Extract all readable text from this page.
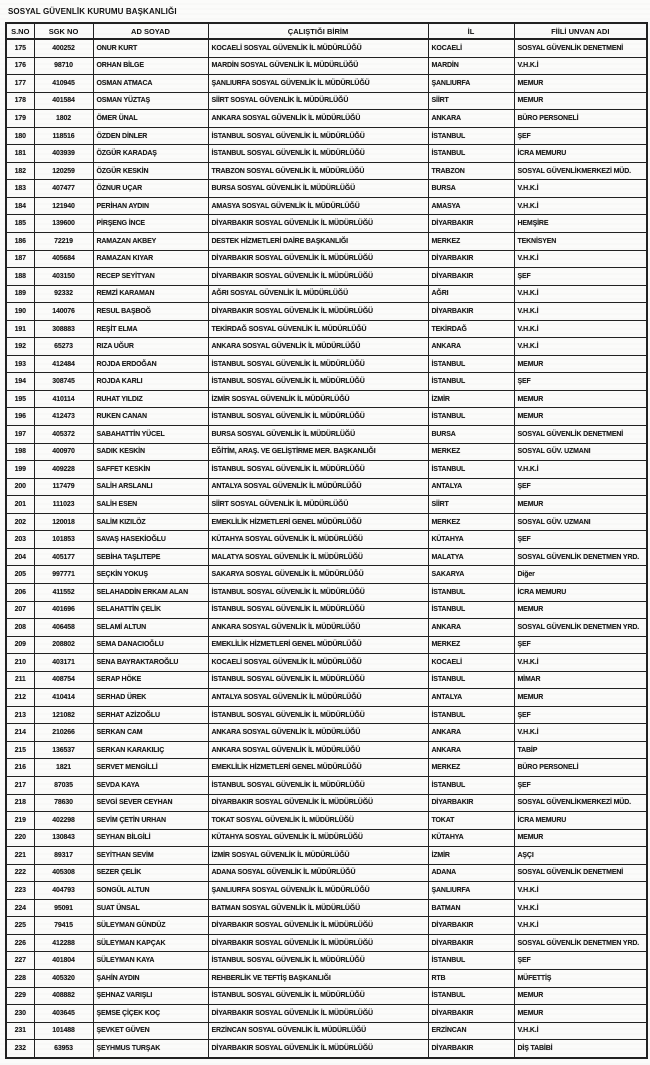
SOSYAL GÜVENLİK KURUMU BAŞKANLIĞI
S.NO	SGK NO	AD SOYAD	ÇALIŞTIĞI BİRİM	İL	FİİLİ UNVAN ADI
175	400252	ONUR KURT	KOCAELİ SOSYAL GÜVENLİK İL MÜDÜRLÜĞÜ	KOCAELİ	SOSYAL GÜVENLİK DENETMENİ
176	98710	ORHAN BİLGE	MARDİN SOSYAL GÜVENLİK İL MÜDÜRLÜĞÜ	MARDİN	V.H.K.İ
177	410945	OSMAN ATMACA	ŞANLIURFA SOSYAL GÜVENLİK İL MÜDÜRLÜĞÜ	ŞANLIURFA	MEMUR
178	401584	OSMAN YÜZTAŞ	SİİRT SOSYAL GÜVENLİK İL MÜDÜRLÜĞÜ	SİİRT	MEMUR
179	1802	ÖMER ÜNAL	ANKARA SOSYAL GÜVENLİK İL MÜDÜRLÜĞÜ	ANKARA	BÜRO PERSONELİ
180	118516	ÖZDEN DİNLER	İSTANBUL SOSYAL GÜVENLİK İL MÜDÜRLÜĞÜ	İSTANBUL	ŞEF
181	403939	ÖZGÜR KARADAŞ	İSTANBUL SOSYAL GÜVENLİK İL MÜDÜRLÜĞÜ	İSTANBUL	İCRA MEMURU
182	120259	ÖZGÜR KESKİN	TRABZON SOSYAL GÜVENLİK İL MÜDÜRLÜĞÜ	TRABZON	SOSYAL GÜVENLİKMERKEZİ MÜD.
183	407477	ÖZNUR UÇAR	BURSA SOSYAL GÜVENLİK İL MÜDÜRLÜĞÜ	BURSA	V.H.K.İ
184	121940	PERİHAN AYDIN	AMASYA SOSYAL GÜVENLİK İL MÜDÜRLÜĞÜ	AMASYA	V.H.K.İ
185	139600	PİRŞENG İNCE	DİYARBAKIR SOSYAL GÜVENLİK İL MÜDÜRLÜĞÜ	DİYARBAKIR	HEMŞİRE
186	72219	RAMAZAN AKBEY	DESTEK HİZMETLERİ DAİRE BAŞKANLIĞI	MERKEZ	TEKNİSYEN
187	405684	RAMAZAN KIYAR	DİYARBAKIR SOSYAL GÜVENLİK İL MÜDÜRLÜĞÜ	DİYARBAKIR	V.H.K.İ
188	403150	RECEP SEYİTYAN	DİYARBAKIR SOSYAL GÜVENLİK İL MÜDÜRLÜĞÜ	DİYARBAKIR	ŞEF
189	92332	REMZİ KARAMAN	AĞRI SOSYAL GÜVENLİK İL MÜDÜRLÜĞÜ	AĞRI	V.H.K.İ
190	140076	RESUL BAŞBOĞ	DİYARBAKIR SOSYAL GÜVENLİK İL MÜDÜRLÜĞÜ	DİYARBAKIR	V.H.K.İ
191	308883	REŞİT ELMA	TEKİRDAĞ SOSYAL GÜVENLİK İL MÜDÜRLÜĞÜ	TEKİRDAĞ	V.H.K.İ
192	65273	RIZA UĞUR	ANKARA SOSYAL GÜVENLİK İL MÜDÜRLÜĞÜ	ANKARA	V.H.K.İ
193	412484	ROJDA ERDOĞAN	İSTANBUL SOSYAL GÜVENLİK İL MÜDÜRLÜĞÜ	İSTANBUL	MEMUR
194	308745	ROJDA KARLI	İSTANBUL SOSYAL GÜVENLİK İL MÜDÜRLÜĞÜ	İSTANBUL	ŞEF
195	410114	RUHAT YILDIZ	İZMİR SOSYAL GÜVENLİK İL MÜDÜRLÜĞÜ	İZMİR	MEMUR
196	412473	RUKEN CANAN	İSTANBUL SOSYAL GÜVENLİK İL MÜDÜRLÜĞÜ	İSTANBUL	MEMUR
197	405372	SABAHATTİN YÜCEL	BURSA SOSYAL GÜVENLİK İL MÜDÜRLÜĞÜ	BURSA	SOSYAL GÜVENLİK DENETMENİ
198	400970	SADIK KESKİN	EĞİTİM, ARAŞ. VE GELİŞTİRME MER. BAŞKANLIĞI	MERKEZ	SOSYAL GÜV. UZMANI
199	409228	SAFFET KESKİN	İSTANBUL SOSYAL GÜVENLİK İL MÜDÜRLÜĞÜ	İSTANBUL	V.H.K.İ
200	117479	SALİH ARSLANLI	ANTALYA SOSYAL GÜVENLİK İL MÜDÜRLÜĞÜ	ANTALYA	ŞEF
201	111023	SALİH ESEN	SİİRT SOSYAL GÜVENLİK İL MÜDÜRLÜĞÜ	SİİRT	MEMUR
202	120018	SALİM KIZILÖZ	EMEKLİLİK HİZMETLERİ GENEL MÜDÜRLÜĞÜ	MERKEZ	SOSYAL GÜV. UZMANI
203	101853	SAVAŞ HASEKİOĞLU	KÜTAHYA SOSYAL GÜVENLİK İL MÜDÜRLÜĞÜ	KÜTAHYA	ŞEF
204	405177	SEBİHA TAŞLITEPE	MALATYA SOSYAL GÜVENLİK İL MÜDÜRLÜĞÜ	MALATYA	SOSYAL GÜVENLİK DENETMEN YRD.
205	997771	SEÇKİN YOKUŞ	SAKARYA SOSYAL GÜVENLİK İL MÜDÜRLÜĞÜ	SAKARYA	Diğer
206	411552	SELAHADDİN ERKAM ALAN	İSTANBUL SOSYAL GÜVENLİK İL MÜDÜRLÜĞÜ	İSTANBUL	İCRA MEMURU
207	401696	SELAHATTİN ÇELİK	İSTANBUL SOSYAL GÜVENLİK İL MÜDÜRLÜĞÜ	İSTANBUL	MEMUR
208	406458	SELAMİ ALTUN	ANKARA SOSYAL GÜVENLİK İL MÜDÜRLÜĞÜ	ANKARA	SOSYAL GÜVENLİK DENETMEN YRD.
209	208802	SEMA DANACIOĞLU	EMEKLİLİK HİZMETLERİ GENEL MÜDÜRLÜĞÜ	MERKEZ	ŞEF
210	403171	SENA BAYRAKTAROĞLU	KOCAELİ SOSYAL GÜVENLİK İL MÜDÜRLÜĞÜ	KOCAELİ	V.H.K.İ
211	408754	SERAP HÖKE	İSTANBUL SOSYAL GÜVENLİK İL MÜDÜRLÜĞÜ	İSTANBUL	MİMAR
212	410414	SERHAD ÜREK	ANTALYA SOSYAL GÜVENLİK İL MÜDÜRLÜĞÜ	ANTALYA	MEMUR
213	121082	SERHAT AZİZOĞLU	İSTANBUL SOSYAL GÜVENLİK İL MÜDÜRLÜĞÜ	İSTANBUL	ŞEF
214	210266	SERKAN CAM	ANKARA SOSYAL GÜVENLİK İL MÜDÜRLÜĞÜ	ANKARA	V.H.K.İ
215	136537	SERKAN KARAKILIÇ	ANKARA SOSYAL GÜVENLİK İL MÜDÜRLÜĞÜ	ANKARA	TABİP
216	1821	SERVET MENGİLLİ	EMEKLİLİK HİZMETLERİ GENEL MÜDÜRLÜĞÜ	MERKEZ	BÜRO PERSONELİ
217	87035	SEVDA KAYA	İSTANBUL SOSYAL GÜVENLİK İL MÜDÜRLÜĞÜ	İSTANBUL	ŞEF
218	78630	SEVGİ SEVER CEYHAN	DİYARBAKIR SOSYAL GÜVENLİK İL MÜDÜRLÜĞÜ	DİYARBAKIR	SOSYAL GÜVENLİKMERKEZİ MÜD.
219	402298	SEVİM ÇETİN URHAN	TOKAT SOSYAL GÜVENLİK İL MÜDÜRLÜĞÜ	TOKAT	İCRA MEMURU
220	130843	SEYHAN BİLGİLİ	KÜTAHYA SOSYAL GÜVENLİK İL MÜDÜRLÜĞÜ	KÜTAHYA	MEMUR
221	89317	SEYİTHAN SEVİM	İZMİR SOSYAL GÜVENLİK İL MÜDÜRLÜĞÜ	İZMİR	AŞÇI
222	405308	SEZER ÇELİK	ADANA SOSYAL GÜVENLİK İL MÜDÜRLÜĞÜ	ADANA	SOSYAL GÜVENLİK DENETMENİ
223	404793	SONGÜL ALTUN	ŞANLIURFA SOSYAL GÜVENLİK İL MÜDÜRLÜĞÜ	ŞANLIURFA	V.H.K.İ
224	95091	SUAT ÜNSAL	BATMAN SOSYAL GÜVENLİK İL MÜDÜRLÜĞÜ	BATMAN	V.H.K.İ
225	79415	SÜLEYMAN GÜNDÜZ	DİYARBAKIR SOSYAL GÜVENLİK İL MÜDÜRLÜĞÜ	DİYARBAKIR	V.H.K.İ
226	412288	SÜLEYMAN KAPÇAK	DİYARBAKIR SOSYAL GÜVENLİK İL MÜDÜRLÜĞÜ	DİYARBAKIR	SOSYAL GÜVENLİK DENETMEN YRD.
227	401804	SÜLEYMAN KAYA	İSTANBUL SOSYAL GÜVENLİK İL MÜDÜRLÜĞÜ	İSTANBUL	ŞEF
228	405320	ŞAHİN AYDIN	REHBERLİK VE TEFTİŞ BAŞKANLIĞI	RTB	MÜFETTİŞ
229	408882	ŞEHNAZ VARIŞLI	İSTANBUL SOSYAL GÜVENLİK İL MÜDÜRLÜĞÜ	İSTANBUL	MEMUR
230	403645	ŞEMSE ÇİÇEK KOÇ	DİYARBAKIR SOSYAL GÜVENLİK İL MÜDÜRLÜĞÜ	DİYARBAKIR	MEMUR
231	101488	ŞEVKET GÜVEN	ERZİNCAN SOSYAL GÜVENLİK İL MÜDÜRLÜĞÜ	ERZİNCAN	V.H.K.İ
232	63953	ŞEYHMUS TURŞAK	DİYARBAKIR SOSYAL GÜVENLİK İL MÜDÜRLÜĞÜ	DİYARBAKIR	DİŞ TABİBİ
